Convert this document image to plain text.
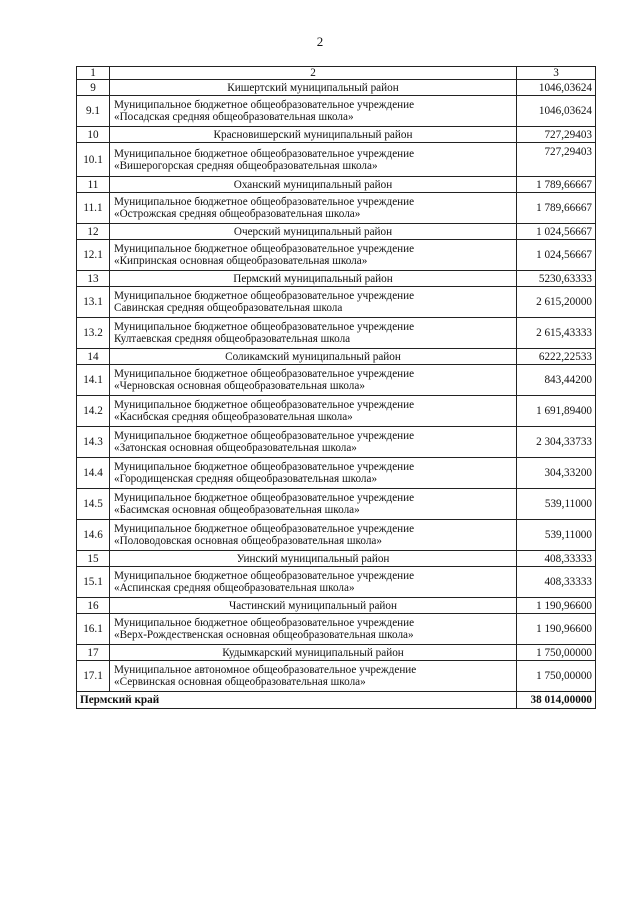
2
1	2	3
9	Кишертский муниципальный район	1046,03624
9.1	Муниципальное бюджетное общеобразовательное учреждение
«Посадская средняя общеобразовательная школа»	1046,03624
10	Красновишерский муниципальный район	727,29403
10.1	Муниципальное бюджетное общеобразовательное учреждение
«Вишерогорская средняя общеобразовательная школа»	727,29403
11	Оханский муниципальный район	1 789,66667
11.1	Муниципальное бюджетное общеобразовательное учреждение
«Острожская средняя общеобразовательная школа»	1 789,66667
12	Очерский муниципальный район	1 024,56667
12.1	Муниципальное бюджетное общеобразовательное учреждение
«Кипринская основная общеобразовательная школа»	1 024,56667
13	Пермский муниципальный район	5230,63333
13.1	Муниципальное бюджетное общеобразовательное учреждение
Савинская средняя общеобразовательная школа	2 615,20000
13.2	Муниципальное бюджетное общеобразовательное учреждение
Култаевская средняя общеобразовательная школа	2 615,43333
14	Соликамский муниципальный район	6222,22533
14.1	Муниципальное бюджетное общеобразовательное учреждение
«Черновская основная общеобразовательная школа»	843,44200
14.2	Муниципальное бюджетное общеобразовательное учреждение
«Касибская средняя общеобразовательная школа»	1 691,89400
14.3	Муниципальное бюджетное общеобразовательное учреждение
«Затонская основная общеобразовательная школа»	2 304,33733
14.4	Муниципальное бюджетное общеобразовательное учреждение
«Городищенская средняя общеобразовательная школа»	304,33200
14.5	Муниципальное бюджетное общеобразовательное учреждение
«Басимская основная общеобразовательная школа»	539,11000
14.6	Муниципальное бюджетное общеобразовательное учреждение
«Половодовская основная общеобразовательная школа»	539,11000
15	Уинский муниципальный район	408,33333
15.1	Муниципальное бюджетное общеобразовательное учреждение
«Аспинская средняя общеобразовательная школа»	408,33333
16	Частинский муниципальный район	1 190,96600
16.1	Муниципальное бюджетное общеобразовательное учреждение
«Верх-Рождественская основная общеобразовательная школа»	1 190,96600
17	Кудымкарский муниципальный район	1 750,00000
17.1	Муниципальное автономное общеобразовательное учреждение
«Сервинская основная общеобразовательная школа»	1 750,00000
Пермский край		38 014,00000
